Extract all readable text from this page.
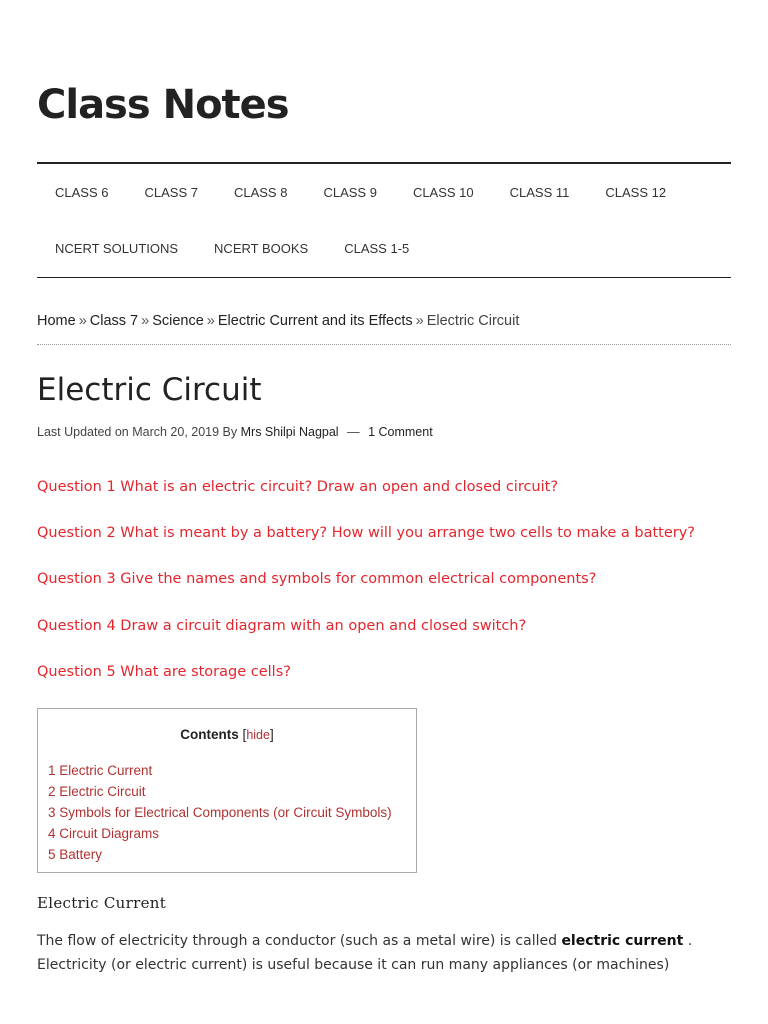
Class Notes
CLASS 6	CLASS 7	CLASS 8	CLASS 9	CLASS 10	CLASS 11	CLASS 12
NCERT SOLUTIONS	NCERT BOOKS	CLASS 1-5
Home » Class 7 » Science » Electric Current and its Effects » Electric Circuit
Electric Circuit
Last Updated on March 20, 2019 By Mrs Shilpi Nagpal — 1 Comment
Question 1 What is an electric circuit? Draw an open and closed circuit?
Question 2 What is meant by a battery? How will you arrange two cells to make a battery?
Question 3 Give the names and symbols for common electrical components?
Question 4 Draw a circuit diagram with an open and closed switch?
Question 5 What are storage cells?
Contents [hide]
1 Electric Current
2 Electric Circuit
3 Symbols for Electrical Components (or Circuit Symbols)
4 Circuit Diagrams
5 Battery
Electric Current

The flow of electricity through a conductor (such as a metal wire) is called electric current . Electricity (or electric current) is useful because it can run many appliances (or machines)
